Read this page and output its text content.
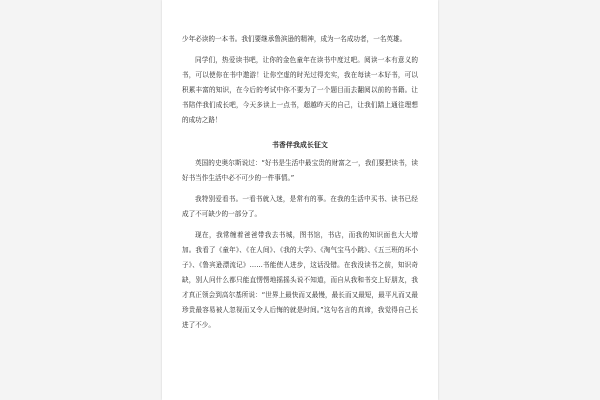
少年必读的一本书。我们要继承鲁滨逊的精神，成为一名成功者，一名英雄。

同学们，热爱读书吧，让你的金色童年在读书中度过吧。阅读一本有意义的书，可以使你在书中遨游！让你空虚的时光过得充实，我在每读一本好书，可以积累丰富的知识，在今后的考试中你不要为了一个题目而去翻阅以前的书籍。让书陪伴我们成长吧，今天多读上一点书，超越昨天的自己，让我们踏上通往理想的成功之路！

书香伴我成长征文

英国的史奥尔斯说过：“好书是生活中最宝贵的财富之一，我们要把读书，读好书当作生活中必不可少的一件事情。”

我特别爱看书。一看书就入迷，是常有的事。在我的生活中买书、读书已经成了不可缺少的一部分了。

现在，我常缠着爸爸带我去书城，图书馆，书店，而我的知识面也大大增加。我看了《童年》、《在人间》、《我的大学》、《淘气宝马小跳》、《五三班的坏小子》、《鲁宾逊漂流记》……书能使人进步，这话没错。在我没读书之前，知识奇缺，别人问什么都只能直愣愣地摇摇头说不知道，而自从我和书交上好朋友，我才真正领会到高尔基所说：“世界上最快而又最慢，最长而又最短，最平凡而又最珍贵最容易被人忽视而又令人后悔的就是时间。”这句名言的真谛，我觉得自己长进了不少。
